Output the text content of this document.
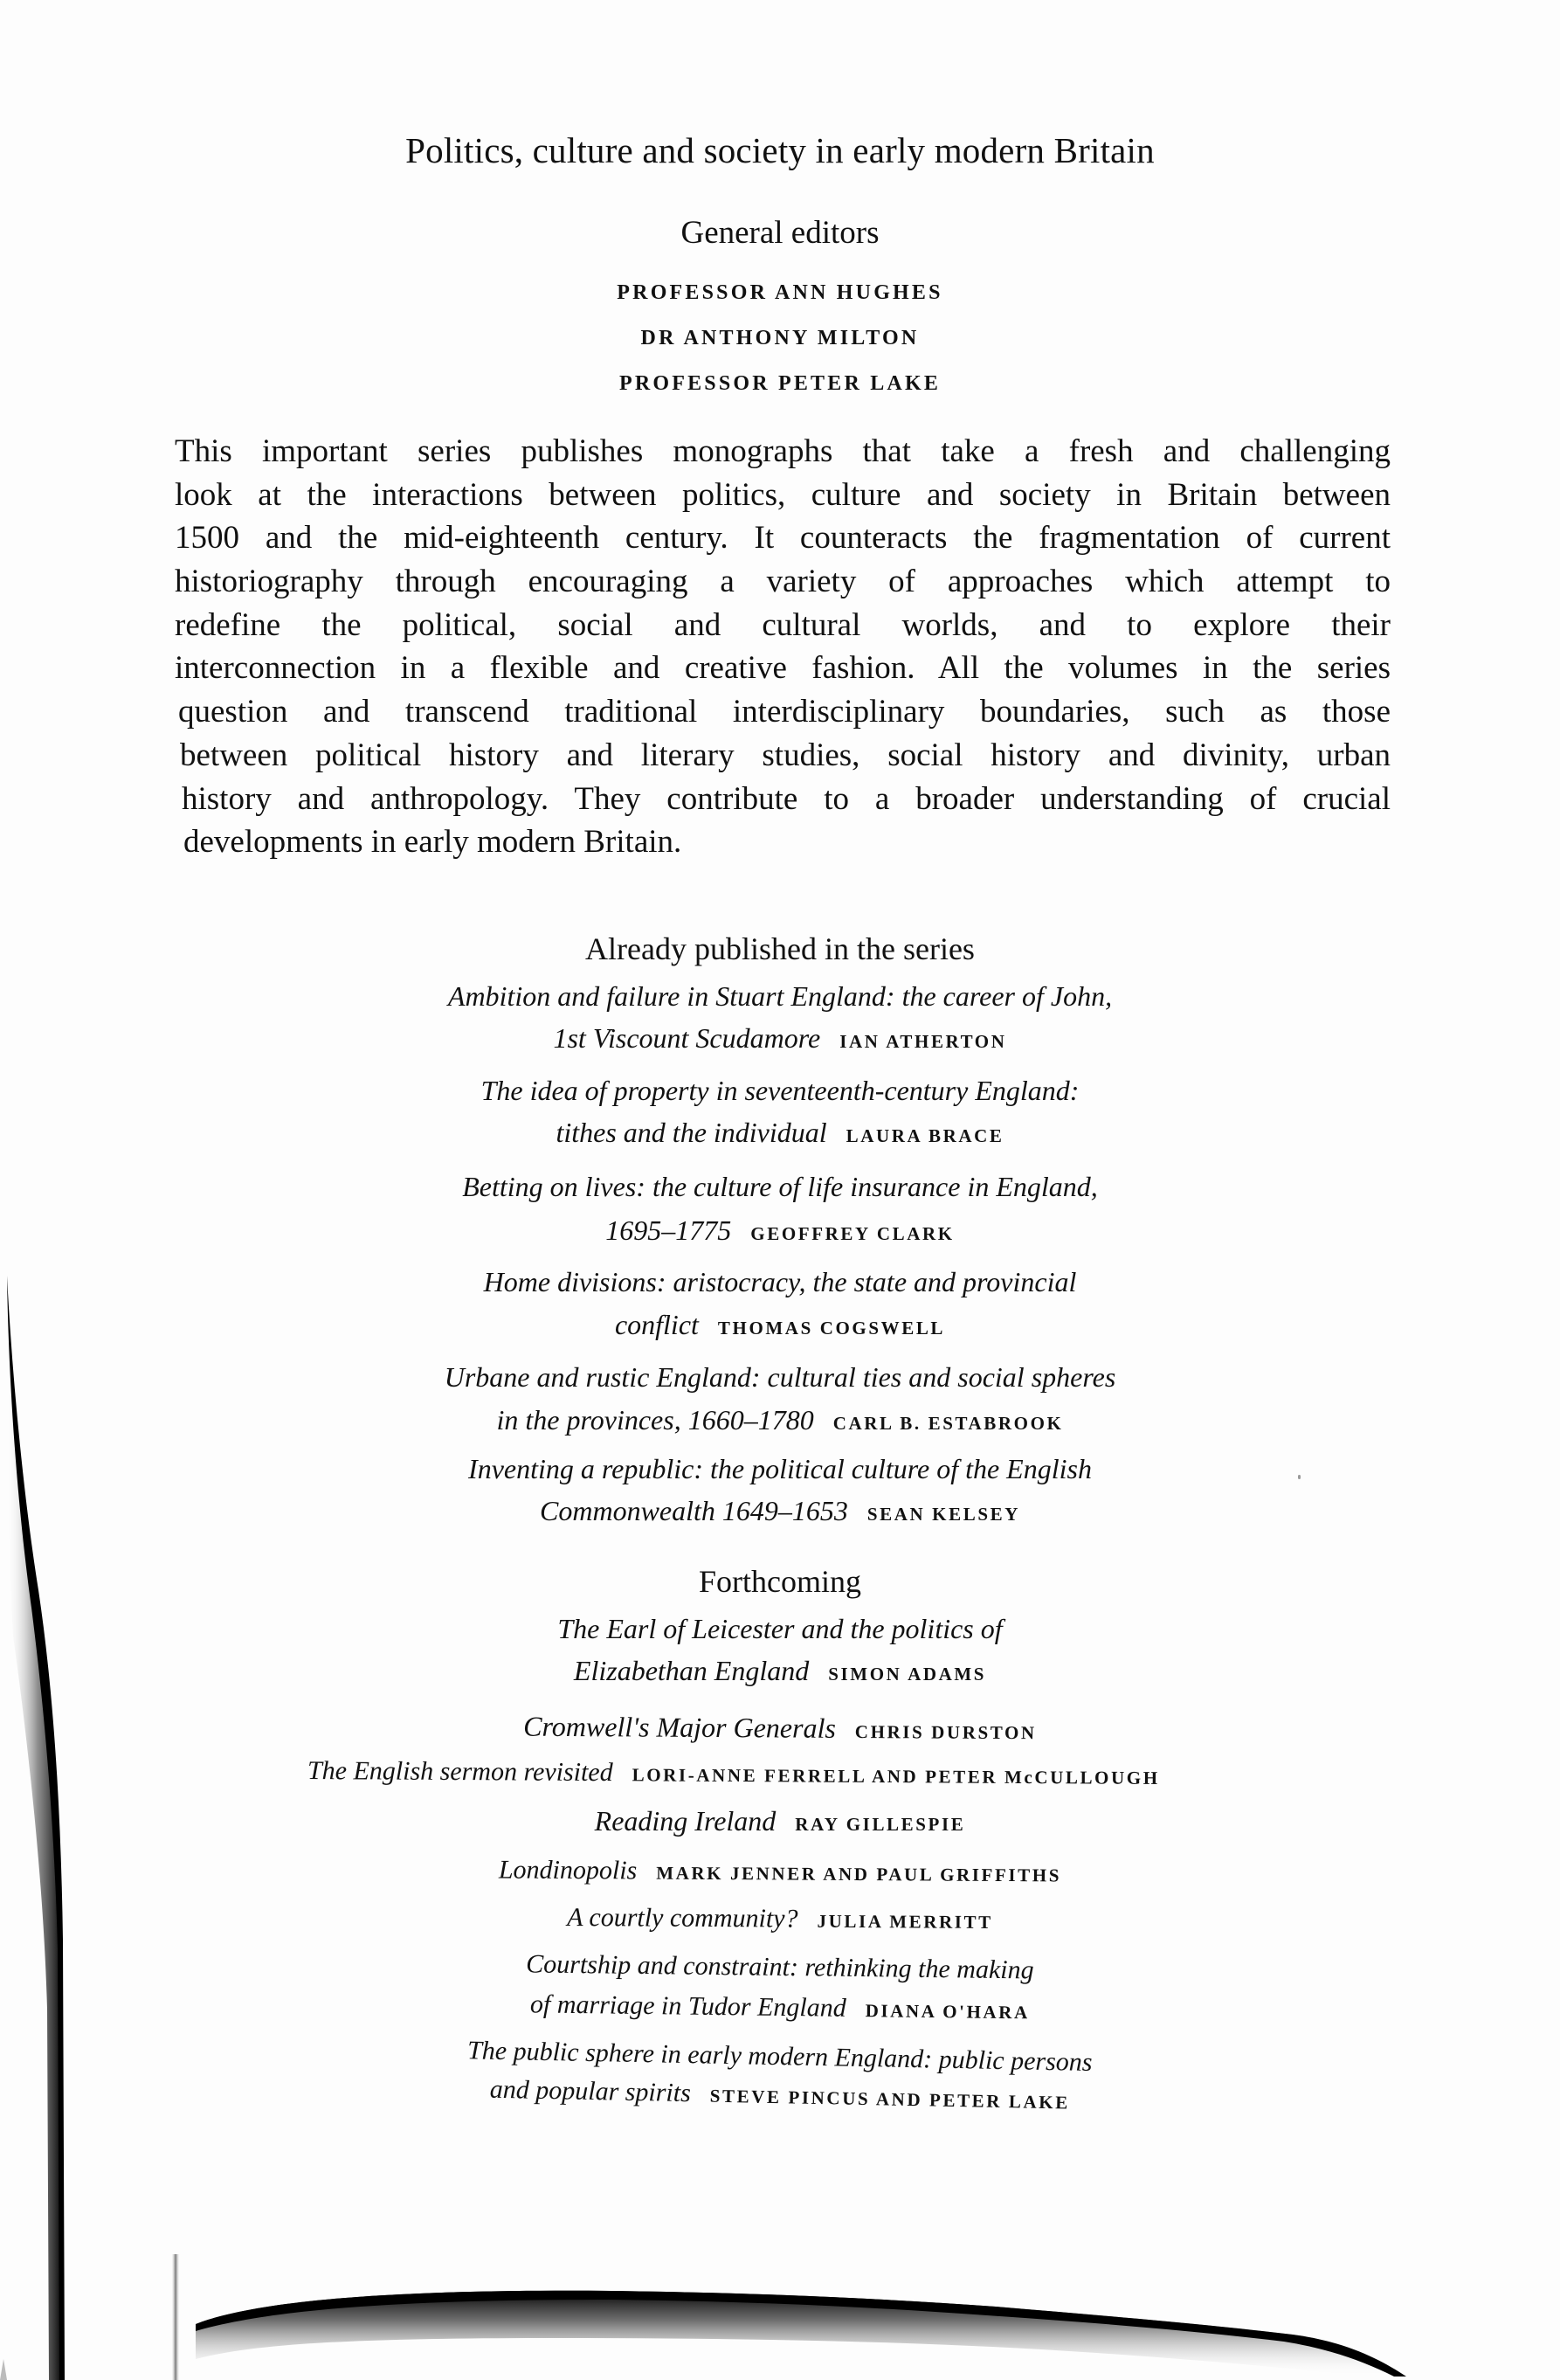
Politics, culture and society in early modern Britain
General editors
PROFESSOR ANN HUGHES
DR ANTHONY MILTON
PROFESSOR PETER LAKE
This important series publishes monographs that take a fresh and challenging
look at the interactions between politics, culture and society in Britain between
1500 and the mid-eighteenth century. It counteracts the fragmentation of current
historiography through encouraging a variety of approaches which attempt to
redefine the political, social and cultural worlds, and to explore their
interconnection in a flexible and creative fashion. All the volumes in the series
question and transcend traditional interdisciplinary boundaries, such as those
between political history and literary studies, social history and divinity, urban
history and anthropology. They contribute to a broader understanding of crucial
developments in early modern Britain.
Already published in the series
Ambition and failure in Stuart England: the career of John,
1st Viscount Scudamore IAN ATHERTON
The idea of property in seventeenth-century England:
tithes and the individual LAURA BRACE
Betting on lives: the culture of life insurance in England,
1695–1775 GEOFFREY CLARK
Home divisions: aristocracy, the state and provincial
conflict THOMAS COGSWELL
Urbane and rustic England: cultural ties and social spheres
in the provinces, 1660–1780 CARL B. ESTABROOK
Inventing a republic: the political culture of the English
Commonwealth 1649–1653 SEAN KELSEY
Forthcoming
The Earl of Leicester and the politics of
Elizabethan England SIMON ADAMS
Cromwell's Major Generals CHRIS DURSTON
The English sermon revisited LORI-ANNE FERRELL AND PETER McCULLOUGH
Reading Ireland RAY GILLESPIE
Londinopolis MARK JENNER AND PAUL GRIFFITHS
A courtly community? JULIA MERRITT
Courtship and constraint: rethinking the making
of marriage in Tudor England DIANA O'HARA
The public sphere in early modern England: public persons
and popular spirits STEVE PINCUS AND PETER LAKE
